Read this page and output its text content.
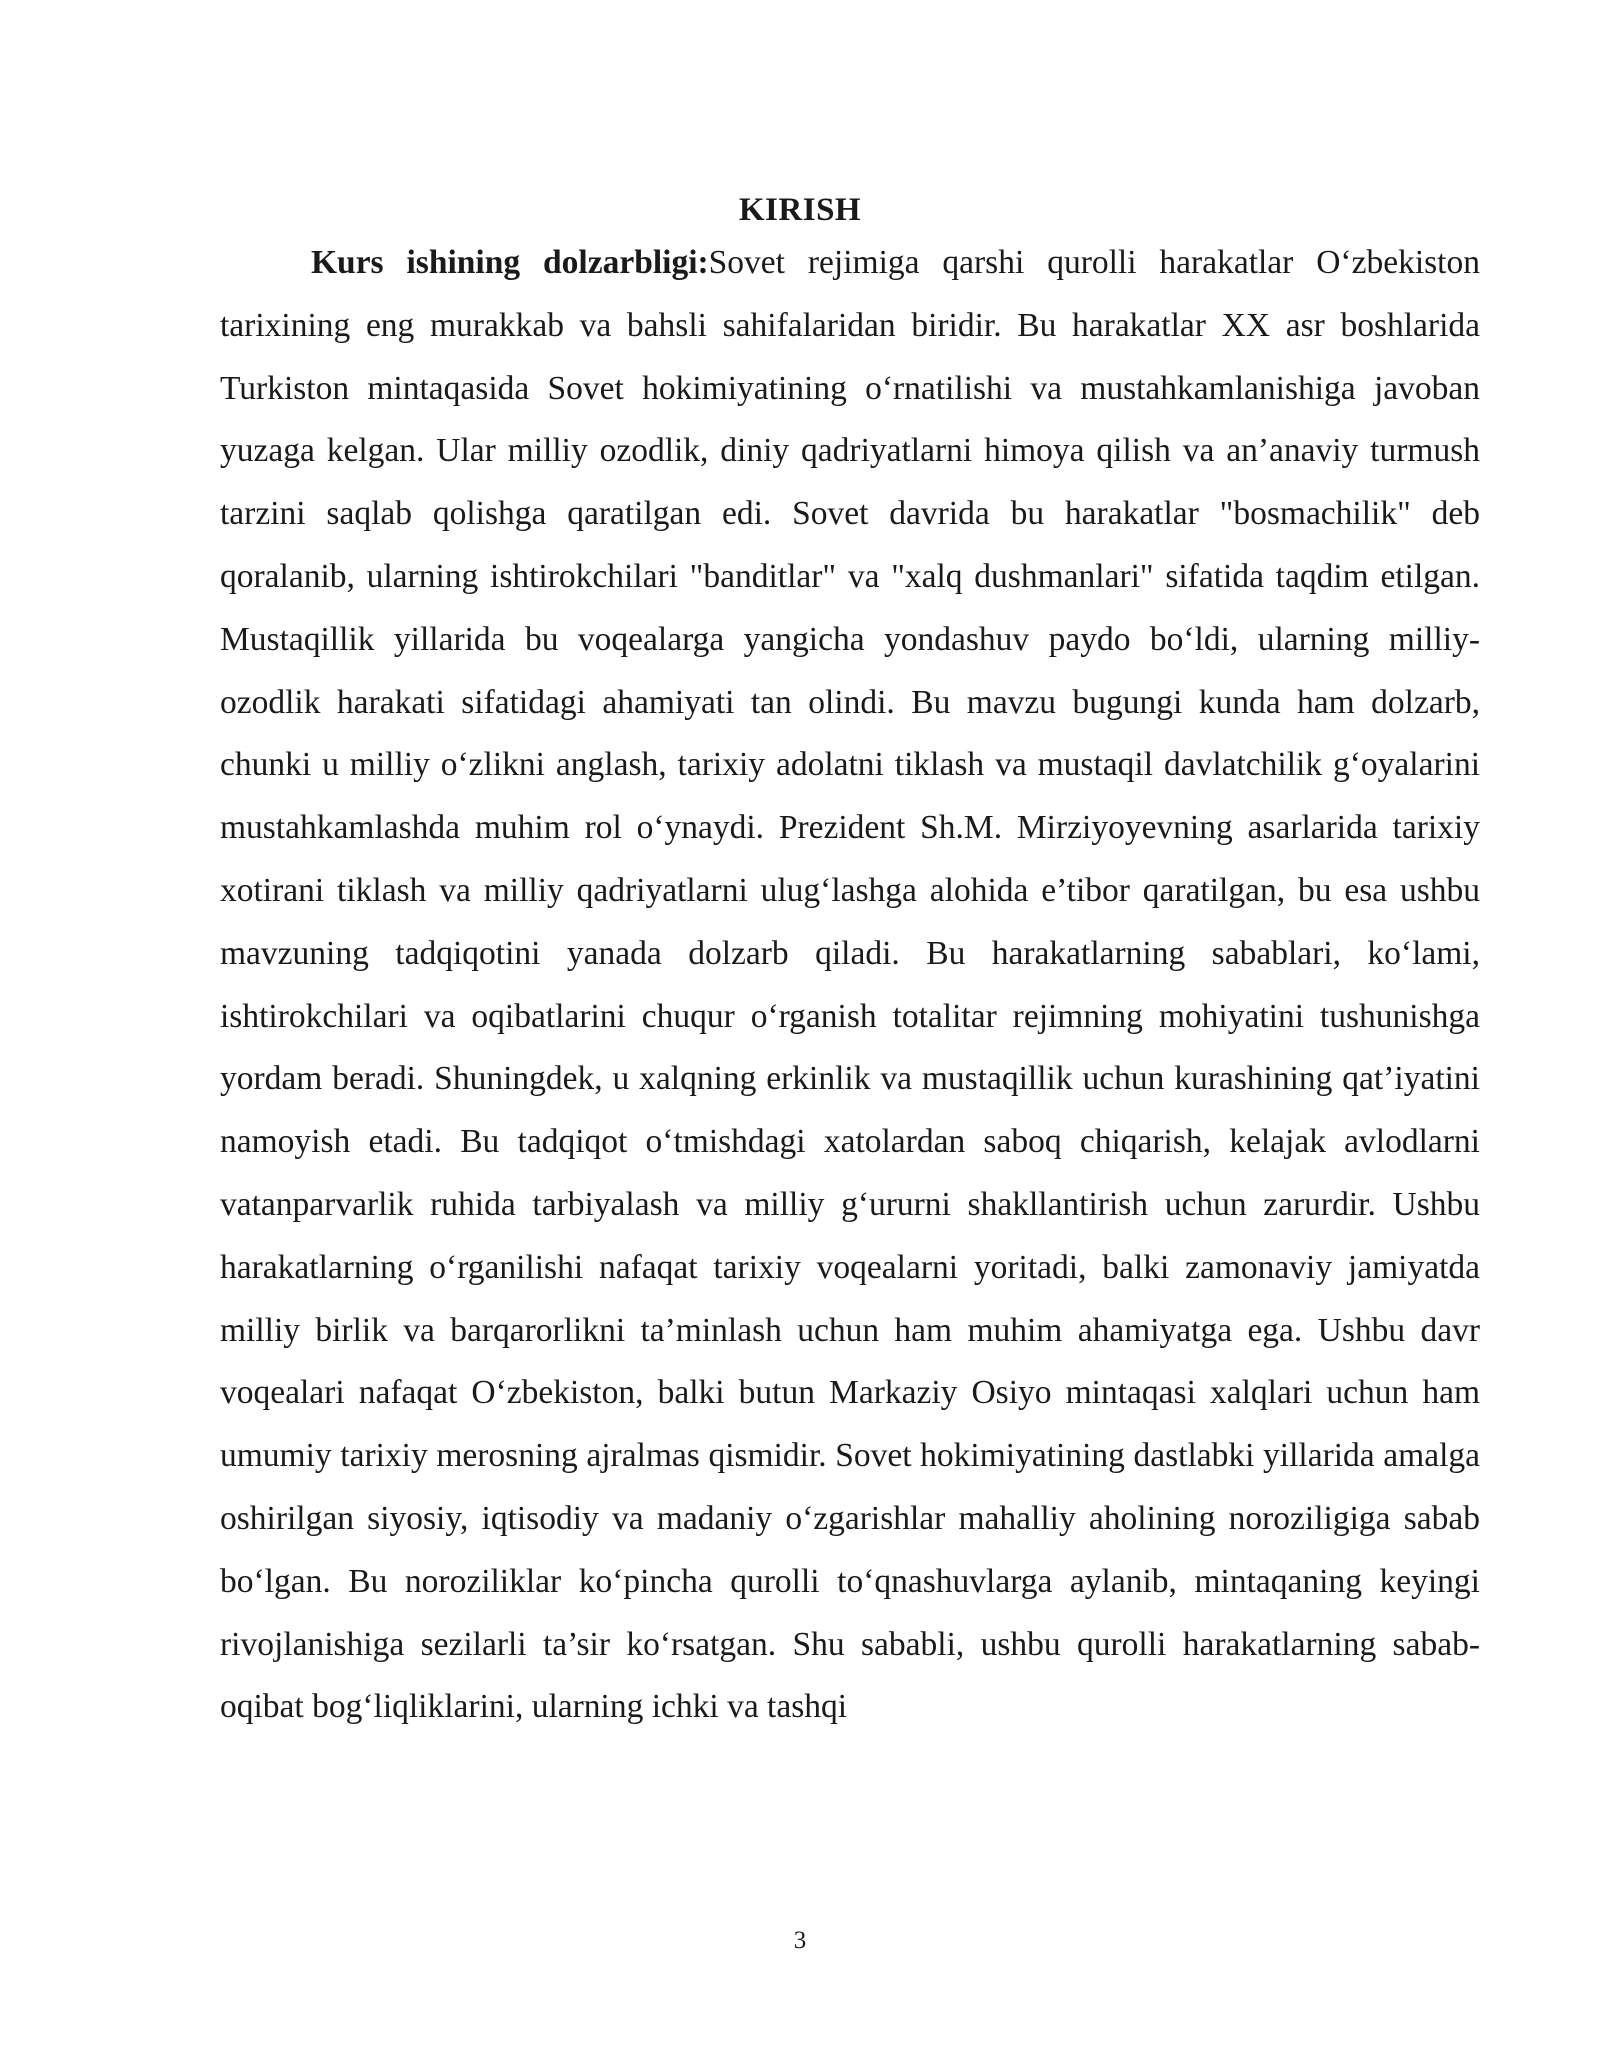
KIRISH

Kurs ishining dolzarbligi:Sovet rejimiga qarshi qurolli harakatlar O‘zbekiston tarixining eng murakkab va bahsli sahifalaridan biridir. Bu harakatlar XX asr boshlarida Turkiston mintaqasida Sovet hokimiyatining o‘rnatilishi va mustahkamlanishiga javoban yuzaga kelgan. Ular milliy ozodlik, diniy qadriyatlarni himoya qilish va an’anaviy turmush tarzini saqlab qolishga qaratilgan edi. Sovet davrida bu harakatlar "bosmachilik" deb qoralanib, ularning ishtirokchilari "banditlar" va "xalq dushmanlari" sifatida taqdim etilgan. Mustaqillik yillarida bu voqealarga yangicha yondashuv paydo bo‘ldi, ularning milliy-ozodlik harakati sifatidagi ahamiyati tan olindi. Bu mavzu bugungi kunda ham dolzarb, chunki u milliy o‘zlikni anglash, tarixiy adolatni tiklash va mustaqil davlatchilik g‘oyalarini mustahkamlashda muhim rol o‘ynaydi. Prezident Sh.M. Mirziyoyevning asarlarida tarixiy xotirani tiklash va milliy qadriyatlarni ulug‘lashga alohida e’tibor qaratilgan, bu esa ushbu mavzuning tadqiqotini yanada dolzarb qiladi. Bu harakatlarning sabablari, ko‘lami, ishtirokchilari va oqibatlarini chuqur o‘rganish totalitar rejimning mohiyatini tushunishga yordam beradi. Shuningdek, u xalqning erkinlik va mustaqillik uchun kurashining qat’iyatini namoyish etadi. Bu tadqiqot o‘tmishdagi xatolardan saboq chiqarish, kelajak avlodlarni vatanparvarlik ruhida tarbiyalash va milliy g‘ururni shakllantirish uchun zarurdir. Ushbu harakatlarning o‘rganilishi nafaqat tarixiy voqealarni yoritadi, balki zamonaviy jamiyatda milliy birlik va barqarorlikni ta’minlash uchun ham muhim ahamiyatga ega. Ushbu davr voqealari nafaqat O‘zbekiston, balki butun Markaziy Osiyo mintaqasi xalqlari uchun ham umumiy tarixiy merosning ajralmas qismidir. Sovet hokimiyatining dastlabki yillarida amalga oshirilgan siyosiy, iqtisodiy va madaniy o‘zgarishlar mahalliy aholining noroziligiga sabab bo‘lgan. Bu noroziliklar ko‘pincha qurolli to‘qnashuvlarga aylanib, mintaqaning keyingi rivojlanishiga sezilarli ta’sir ko‘rsatgan. Shu sababli, ushbu qurolli harakatlarning sabab-oqibat bog‘liqliklarini, ularning ichki va tashqi

3
